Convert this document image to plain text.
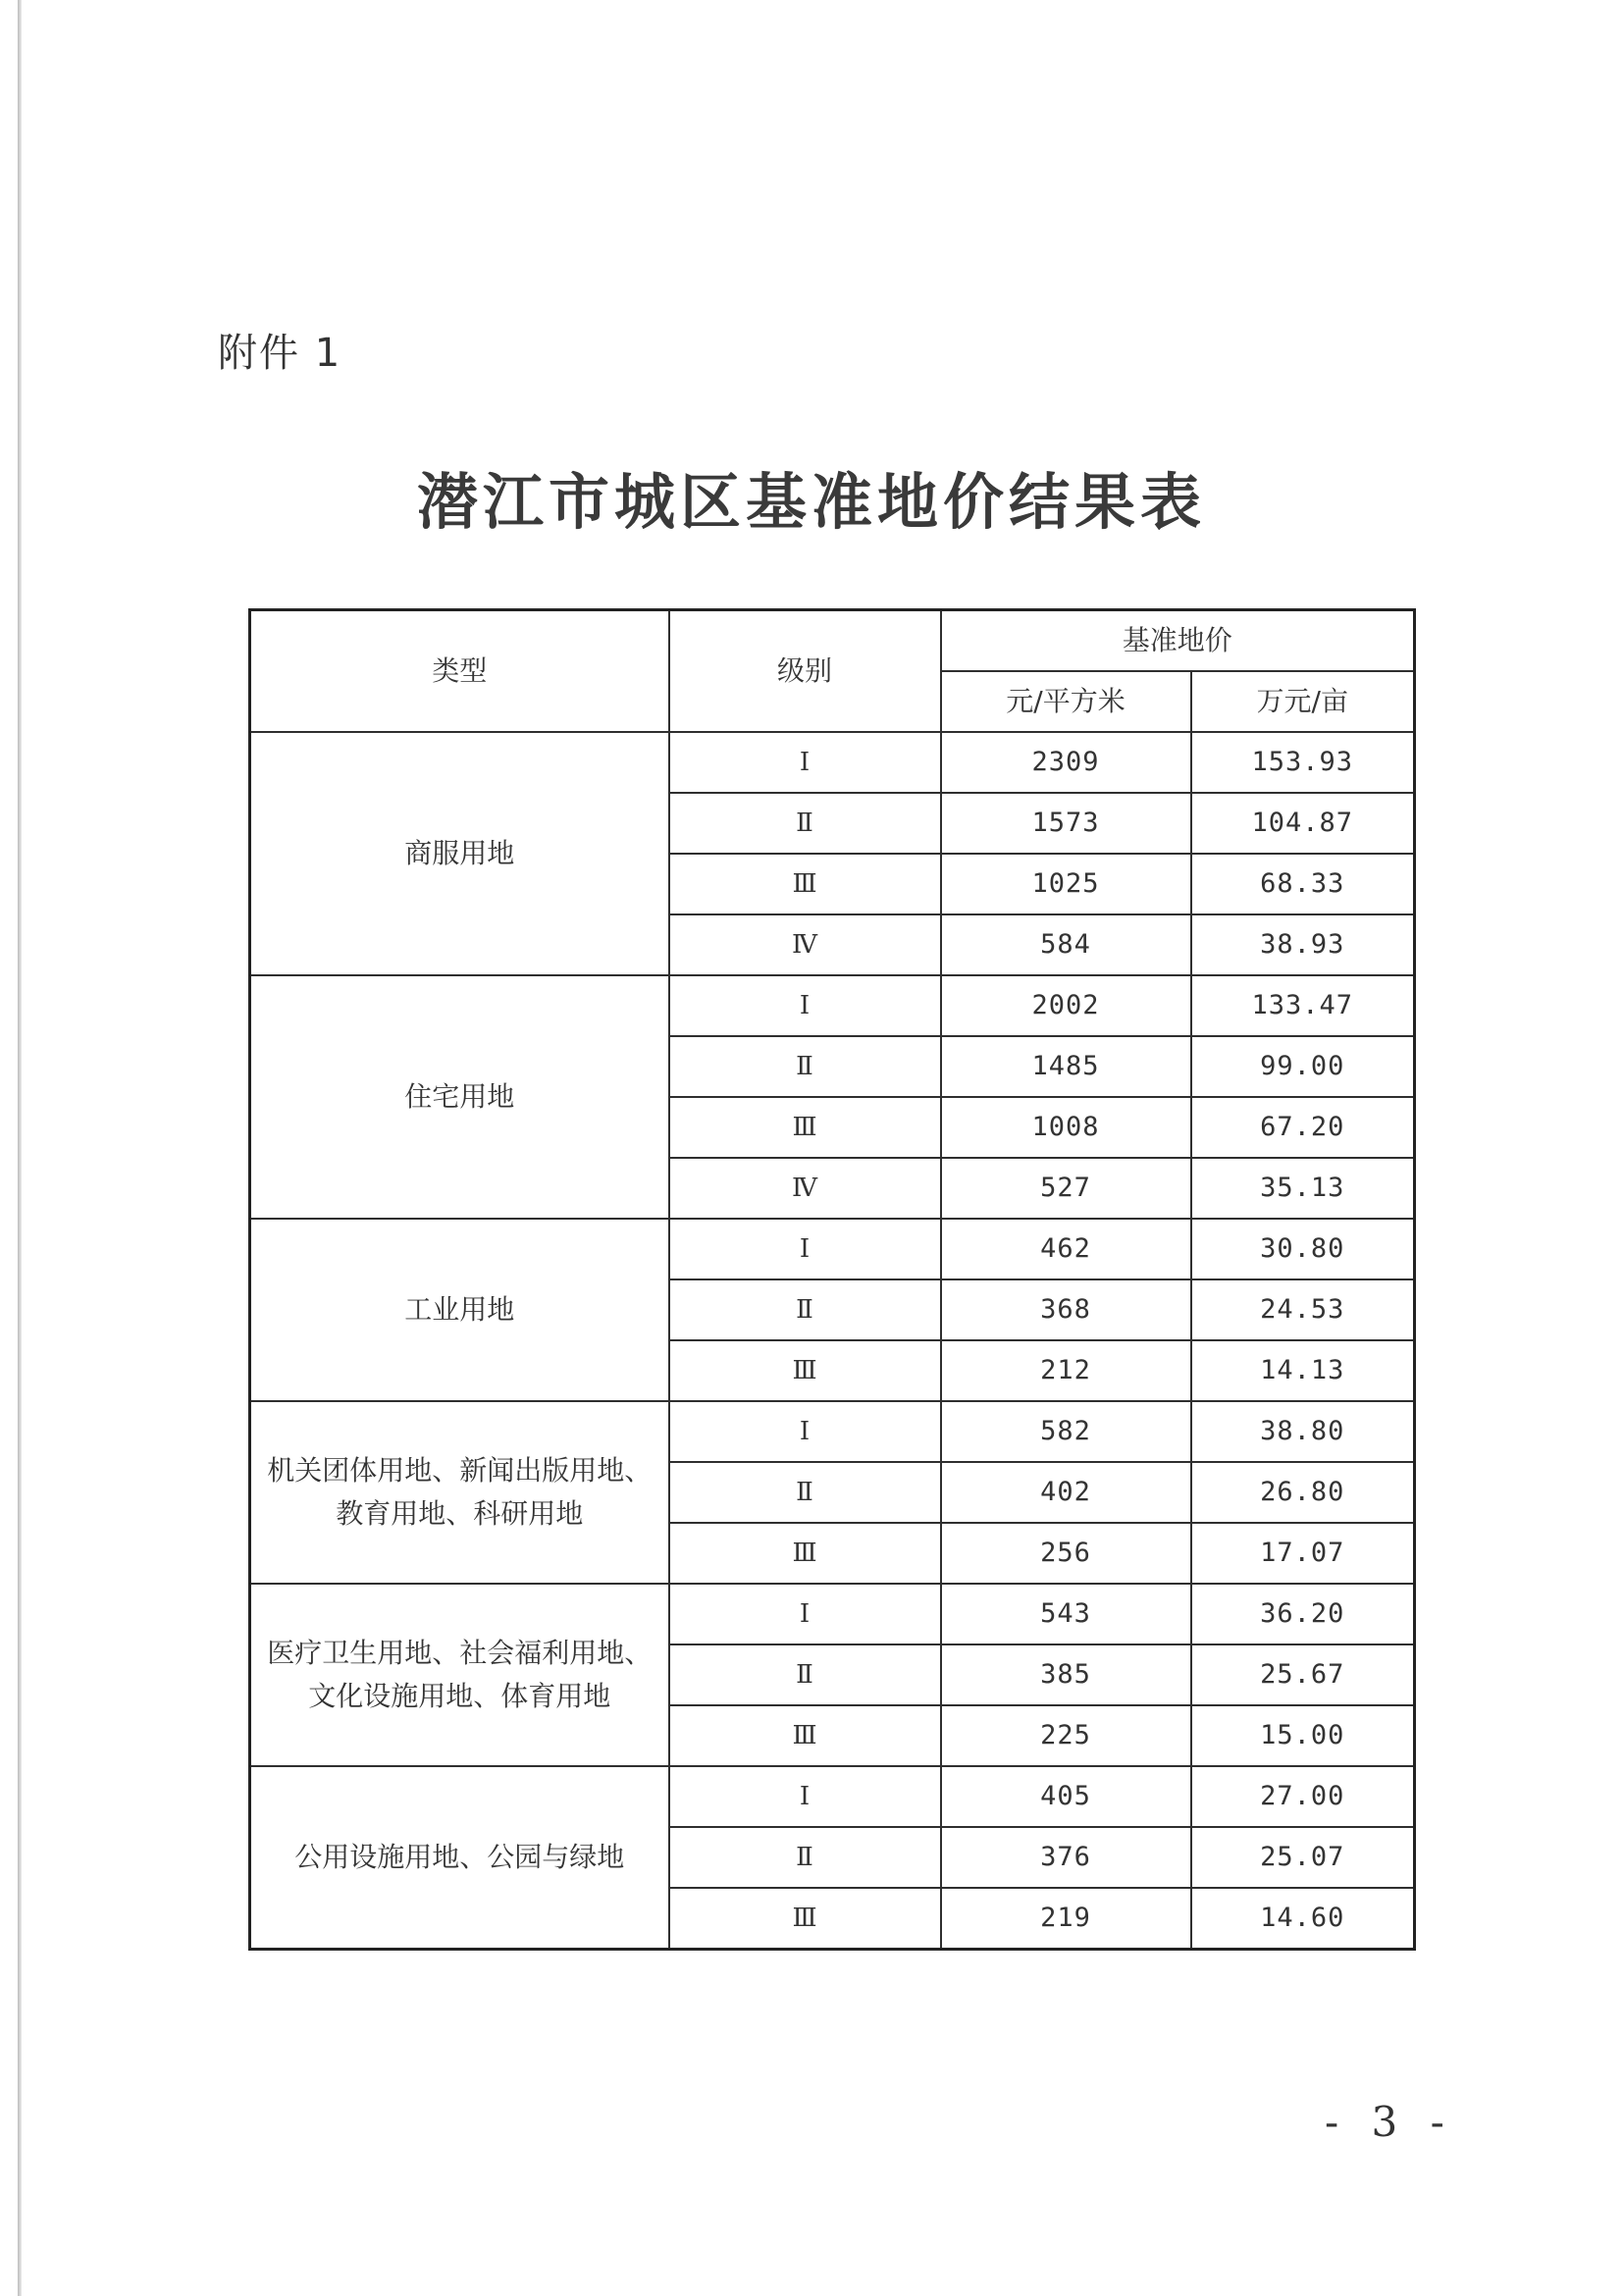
附件 1
潜江市城区基准地价结果表
类型	级别	基准地价	
		元/平方米	万元/亩

商服用地	Ⅰ	2309	153.93
	Ⅱ	1573	104.87
	Ⅲ	1025	68.33
	Ⅳ	584	38.93

住宅用地	Ⅰ	2002	133.47
	Ⅱ	1485	99.00
	Ⅲ	1008	67.20
	Ⅳ	527	35.13

工业用地	Ⅰ	462	30.80
	Ⅱ	368	24.53
	Ⅲ	212	14.13

机关团体用地、新闻出版用地、
教育用地、科研用地	Ⅰ	582	38.80
	Ⅱ	402	26.80
	Ⅲ	256	17.07

医疗卫生用地、社会福利用地、
文化设施用地、体育用地	Ⅰ	543	36.20
	Ⅱ	385	25.67
	Ⅲ	225	15.00

公用设施用地、公园与绿地	Ⅰ	405	27.00
	Ⅱ	376	25.07
	Ⅲ	219	14.60
- 3 -
